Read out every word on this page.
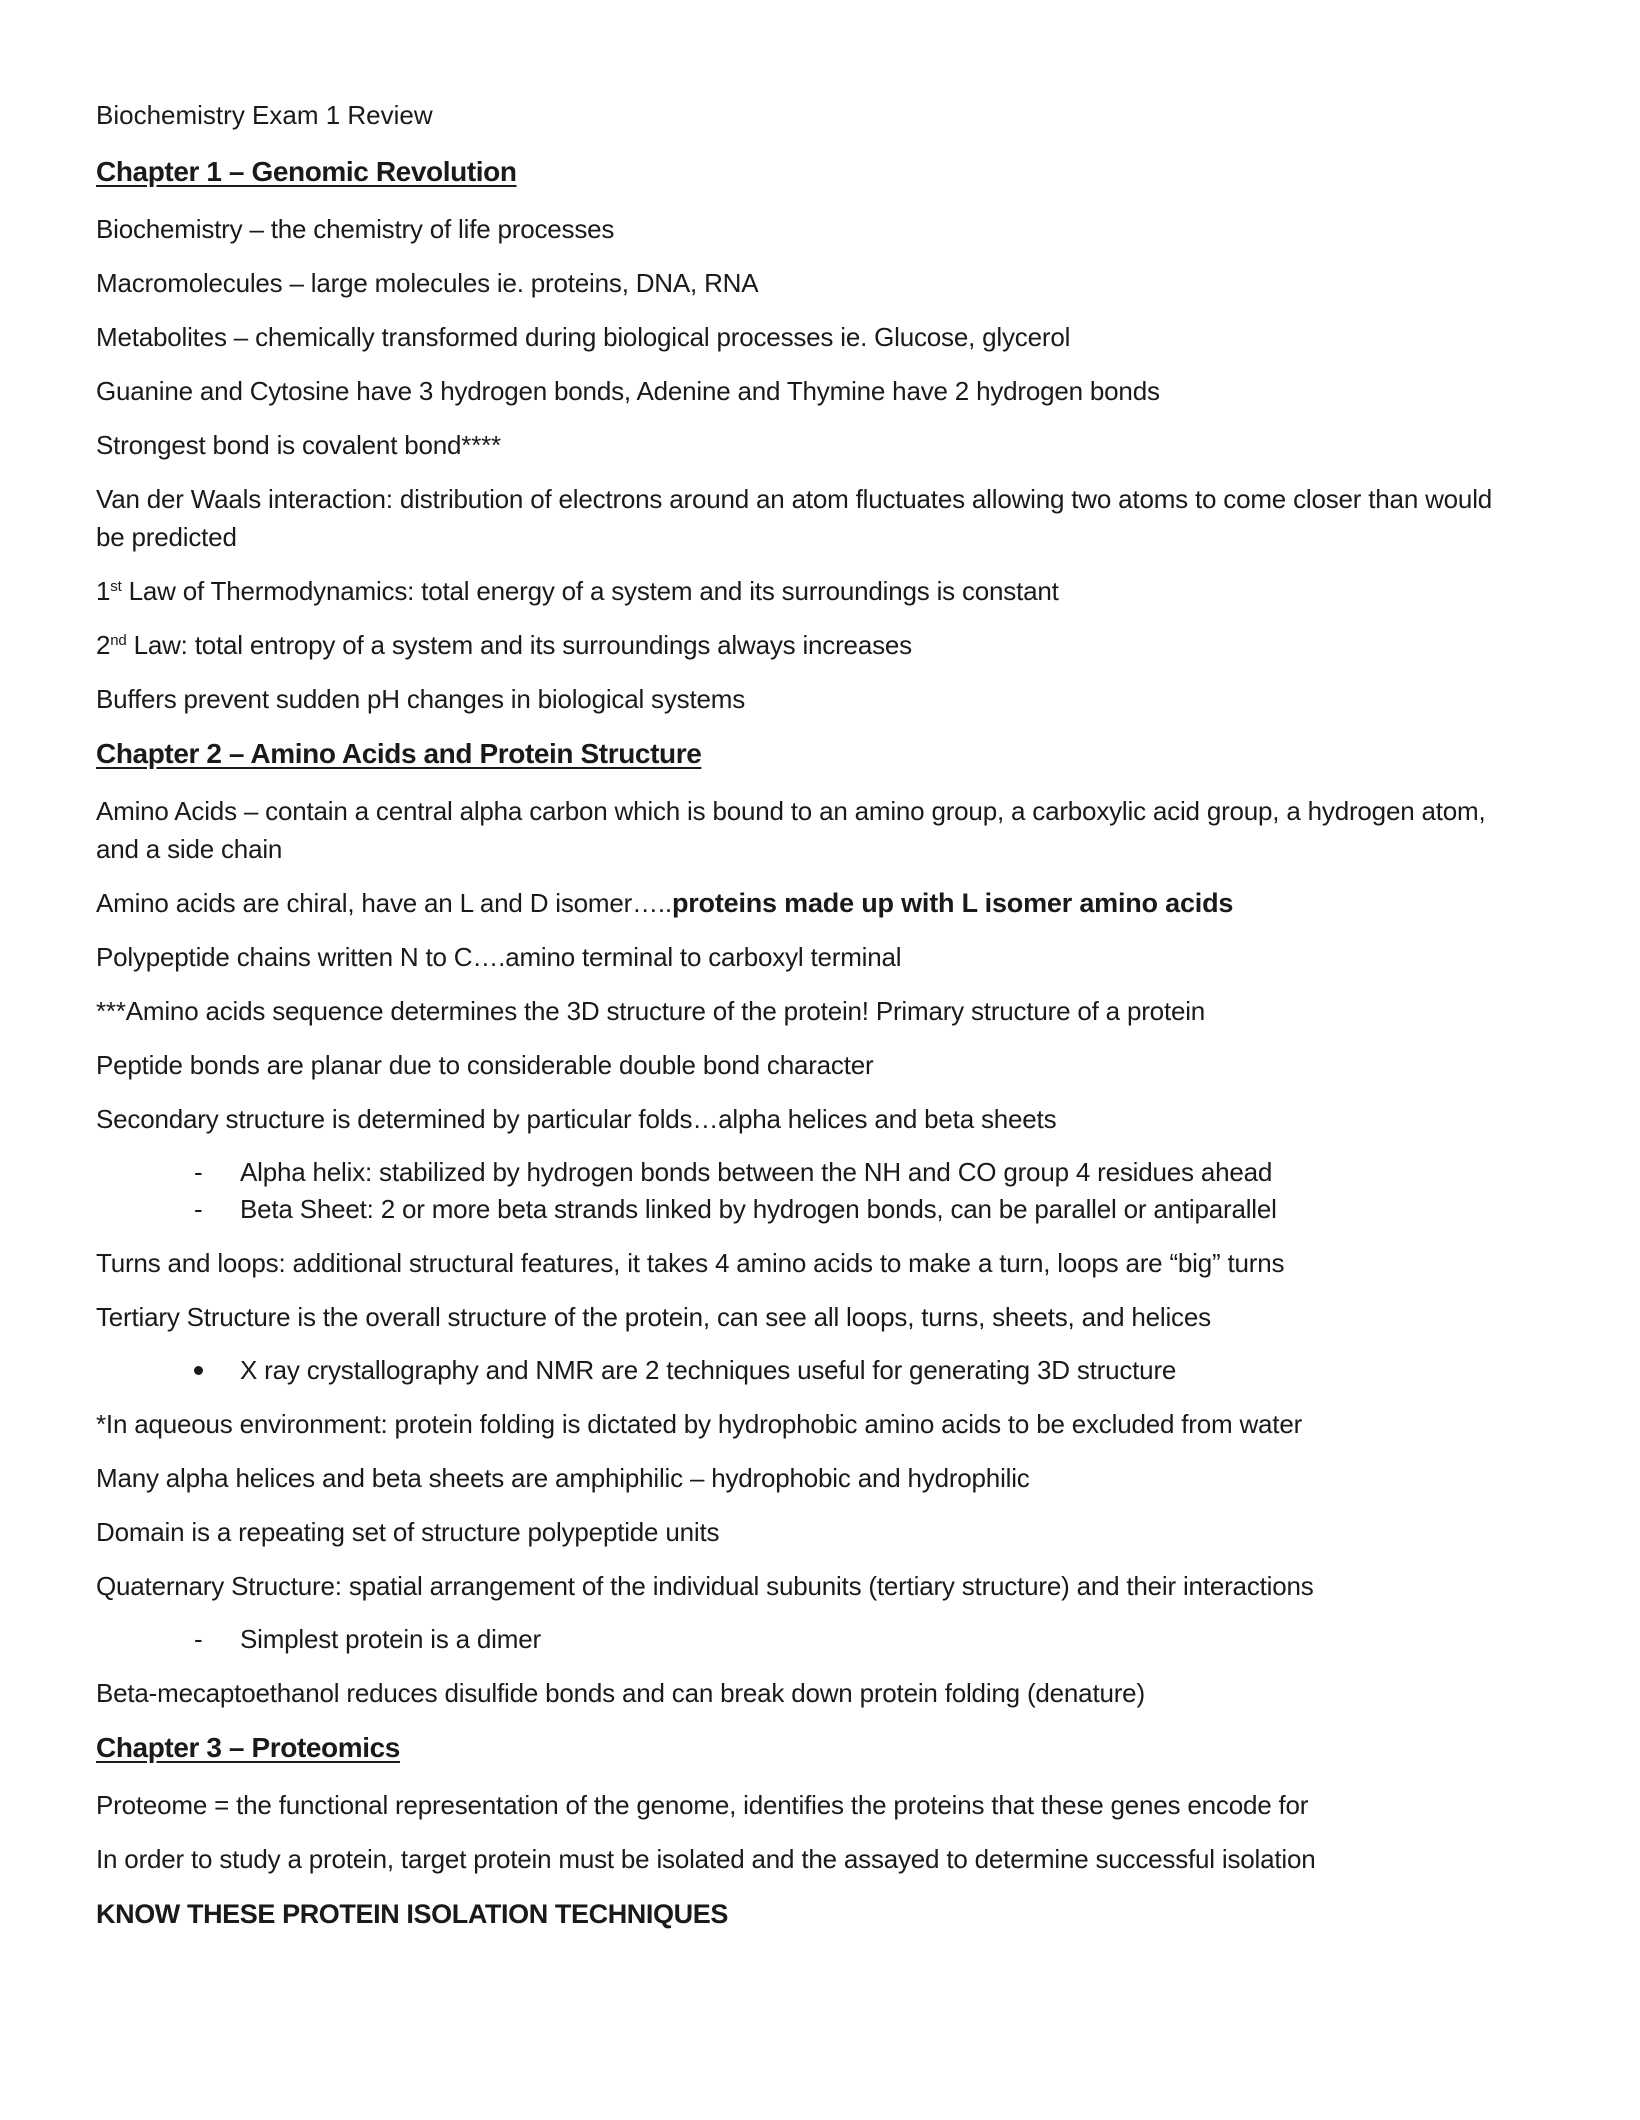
Biochemistry Exam 1 Review

Chapter 1 – Genomic Revolution

Biochemistry – the chemistry of life processes

Macromolecules – large molecules ie. proteins, DNA, RNA

Metabolites – chemically transformed during biological processes ie. Glucose, glycerol

Guanine and Cytosine have 3 hydrogen bonds, Adenine and Thymine have 2 hydrogen bonds

Strongest bond is covalent bond****

Van der Waals interaction: distribution of electrons around an atom fluctuates allowing two atoms to come closer than would be predicted

1st Law of Thermodynamics: total energy of a system and its surroundings is constant

2nd Law: total entropy of a system and its surroundings always increases

Buffers prevent sudden pH changes in biological systems

Chapter 2 – Amino Acids and Protein Structure

Amino Acids – contain a central alpha carbon which is bound to an amino group, a carboxylic acid group, a hydrogen atom, and a side chain

Amino acids are chiral, have an L and D isomer…..proteins made up with L isomer amino acids

Polypeptide chains written N to C….amino terminal to carboxyl terminal

***Amino acids sequence determines the 3D structure of the protein! Primary structure of a protein

Peptide bonds are planar due to considerable double bond character

Secondary structure is determined by particular folds…alpha helices and beta sheets

- Alpha helix: stabilized by hydrogen bonds between the NH and CO group 4 residues ahead
- Beta Sheet: 2 or more beta strands linked by hydrogen bonds, can be parallel or antiparallel

Turns and loops: additional structural features, it takes 4 amino acids to make a turn, loops are “big” turns

Tertiary Structure is the overall structure of the protein, can see all loops, turns, sheets, and helices

X ray crystallography and NMR are 2 techniques useful for generating 3D structure

*In aqueous environment: protein folding is dictated by hydrophobic amino acids to be excluded from water

Many alpha helices and beta sheets are amphiphilic – hydrophobic and hydrophilic

Domain is a repeating set of structure polypeptide units

Quaternary Structure: spatial arrangement of the individual subunits (tertiary structure) and their interactions

- Simplest protein is a dimer

Beta-mecaptoethanol reduces disulfide bonds and can break down protein folding (denature)

Chapter 3 – Proteomics

Proteome = the functional representation of the genome, identifies the proteins that these genes encode for

In order to study a protein, target protein must be isolated and the assayed to determine successful isolation

KNOW THESE PROTEIN ISOLATION TECHNIQUES
